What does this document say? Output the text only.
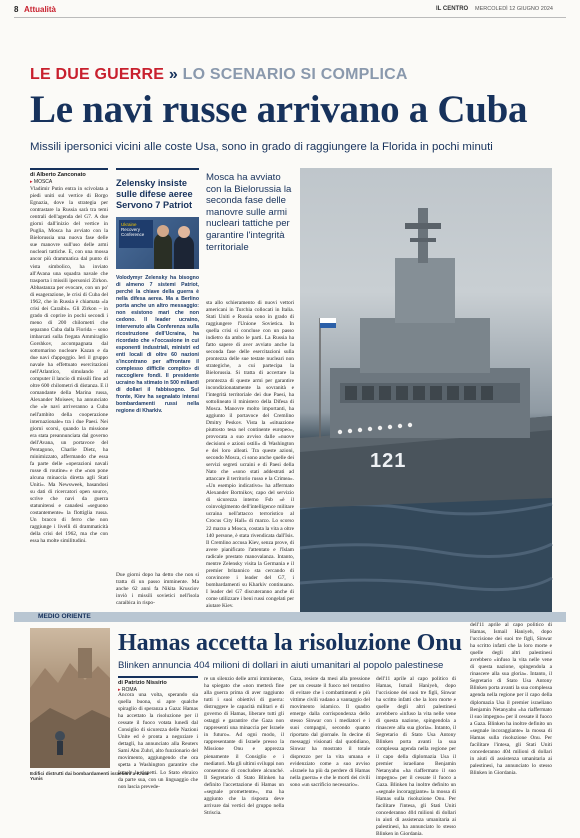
8 Attualità	IL CENTRO MERCOLEDÌ 12 GIUGNO 2024
LE DUE GUERRE » LO SCENARIO SI COMPLICA
Le navi russe arrivano a Cuba
Missili ipersonici vicini alle coste Usa, sono in grado di raggiungere la Florida in pochi minuti
di Alberto Zanconato
▸ MOSCA

Vladimir Putin entra in scivolata a piedi uniti sul vertice di Borgo Egnazia, dove la strategia per contrastare la Russia sarà tra temi centrali dell'agenda del G7. A due giorni dall'inizio del vertice in Puglia, Mosca ha avviato con la Bielorussia una nuova fase delle sue manovre sull'uso delle armi nucleari tattiche. E, con una mossa ancor più drammatica dal punto di vista simbolico, ha inviato all'Avana una squadra navale che trasporta i missili ipersonici Zirkon. Abbastanza per evocare, con un po' di esagerazione, le crisi di Cuba del 1962, che in Russia è chiamata «la crisi dei Caraibi». Gli Zirkon – in grado di coprire in pochi secondi i meno di 200 chilometri che separano Cuba dalla Florida – sono imbarcati sulla fregata Ammiraglio Gorshkov, accompagnata dal sottomarino nucleare Kazan e da due navi d'appoggio. Ieri il gruppo navale ha effettuato esercitazioni nell'Atlantico, simulando al computer il lancio di missili fino ad oltre 600 chilometri di distanza. E il comandante della Marina russa, Alexander Moiseev, ha annunciato che «le navi arriveranno a Cuba nell'ambito della cooperazione internazionale» tra i due Paesi. Nei giorni scorsi, quando la missione era stata preannunciata dal governo dell'Avana, un portavoce del Pentagono, Charlie Dietz, ha minimizzato, affermando che essa fa parte delle «operazioni navali russe di routine» e che «non pone alcuna minaccia diretta agli Stati Uniti». Ma Newsweek, basandosi su dati di ricercatori open source, scrive che navi da guerra statunitensi e canadesi «seguono costantemente» la flottiglia russa. Un bracco di ferro che non raggiunge i livelli di drammaticità della crisi del 1962, ma che con essa ha molte similitudini.

Zelensky insiste sulle difese aeree Servono 7 Patriot
Ukraine
Recovery
Conference
Volodymyr Zelensky ha bisogno di almeno 7 sistemi Patriot, perché la chiave della guerra è nella difesa aerea. Ma a Berlino porta anche un altro messaggio: non esistono mari che non cedono. Il leader ucraino, intervenuto alla Conferenza sulla ricostruzione dell'Ucraina, ha ricordato che «l'occasione in cui esponenti industriali, ministri ed enti locali di oltre 60 nazioni s'incontrano per affrontare il complesso difficile compito» di raccogliere fondi. Il presidente ucraino ha stimato in 500 miliardi di dollari il fabbisogno. Sul fronte, Kiev ha segnalato intensi bombardamenti russi nella regione di Kharkiv.
Mosca ha avviato con la Bielorussia la seconda fase delle manovre sulle armi nucleari tattiche per garantire l'integrità territoriale

Due giorni dopo ha detto che non si tratta di un passo imminente. Ma anche 62 anni fa Nikita Krusciov inviò i missili sovietici nell'isola caraibica in rispo-

sta allo schieramento di nuovi vettori americani in Turchia collocati in Italia. Stati Uniti e Russia sono in grado di raggiungere l'Unione Sovietica. In quella crisi si concluse con un passo indietro da ambo le parti. La Russia ha fatto sapere di aver avviato anche la seconda fase delle esercitazioni sulla prontezza delle sue testate nucleari non strategiche, a cui partecipa la Bielorussia. Si tratta di accertare la prontezza di queste armi per garantire incondizionatamente la sovranità e l'integrità territoriale dei due Paesi, ha sottolineato il ministero della Difesa di Mosca. Manovre molto importanti, ha aggiunto il portavoce del Cremlino Dmitry Peskov. Vista la «situazione piuttosto tesa nel continente europeo», provocata a suo avviso dalle «nuove decisioni e azioni ostili» di Washington e dei loro alleati. Tra queste azioni, secondo Mosca, ci sono anche quelle dei servizi segreti ucraini e di Paesi della Nato che «sono stati addestrati ad attaccare il territorio russo e la Crimea». «Un esempio indicativo» ha affermato Alexander Bortnikov, capo del servizio di sicurezza interno Fsb «è il coinvolgimento dell'intelligence militare ucraina nell'attacco terroristico al Crocus City Hall» di marzo. Lo scorso 22 marzo a Mosca, costata la vita a oltre 140 persone, è stata rivendicata dall'Isis. Il Cremlino accusa Kiev, senza prove, di avere pianificato l'attentato e l'Islam radicale prestato manovalanza. Intanto, mentre Zelensky visita la Germania e il premier britannico sta cercando di convincere i leader del G7, i bombardamenti su Kharkiv continuano. I leader del G7 discuteranno anche di come utilizzare i beni russi congelati per aiutare Kiev.

121
MEDIO ORIENTE
Edifici distrutti dai bombardamenti israeliani a Khan Yunis
Hamas accetta la risoluzione Onu
Blinken annuncia 404 milioni di dollari in aiuti umanitari al popolo palestinese
di Patrizio Nissirio
▸ ROMA

Ancora una volta, sperando sia quella buona, si apre qualche spiraglio di speranza a Gaza: Hamas ha accettato la risoluzione per il cessate il fuoco votata lunedì dal Consiglio di sicurezza delle Nazioni Unite ed è pronta a negoziare i dettagli, ha annunciato alla Reuters Sami Abu Zuhri, alto funzionario del movimento, aggiungendo che ora spetta a Washington garantire che Israele la rispetti. Lo Stato ebraico da parte sua, con un linguaggio che non lascia prevede-

re un silenzio delle armi imminente, ha spiegato che «non metterà fine alla guerra prima di aver raggiunto tutti i suoi obiettivi di guerra: distruggere le capacità militari e di governo di Hamas, liberare tutti gli ostaggi e garantire che Gaza non rappresenti una minaccia per Israele in futuro». Ad ogni modo, il rappresentante di Israele presso la Missione Onu e apprezza pienamente il Consiglio e i mediatori. Ma gli ultimi sviluppi non consentono di concludere alcunché. Il Segretario di Stato Blinken ha definito l'accettazione di Hamas un «segnale promettente», ma ha aggiunto che la risposta deve arrivare dai vertici del gruppo nella Striscia.

Gaza, resiste da mesi alla pressione per un cessate il fuoco nel tentativo di evitare che i combattimenti e più vittime civili vadano a vantaggio del movimento islamico. Il quadro emerge dalla corrispondenza dello stesso Sinwar con i mediatori e i suoi compagni, secondo quanto riportato dal giornale. In decine di messaggi visionati dal quotidiano, Sinwar ha mostrato il totale disprezzo per la vita umana e evidenziato come a suo avviso «Israele ha più da perdere di Hamas nella guerra» e che le morti dei civili sono «un sacrificio necessario».

dell'11 aprile al capo politico di Hamas, Ismail Haniyeh, dopo l'uccisione dei suoi tre figli, Sinwar ha scritto infatti che la loro morte e quelle degli altri palestinesi avrebbero «infuso la vita nelle vene di questa nazione, spingendola a rinascere alla sua gloria». Intanto, il Segretario di Stato Usa Antony Blinken porta avanti la sua complessa agenda nella regione per il capo della diplomazia Usa il premier israeliano Benjamin Netanyahu «ha riaffermato il suo impegno» per il cessate il fuoco a Gaza. Blinken ha inoltre definito un «segnale incoraggiante» la mossa di Hamas sulla risoluzione Onu. Per facilitare l'intesa, gli Stati Uniti concederanno 404 milioni di dollari in aiuti di assistenza umanitaria ai palestinesi, ha annunciato lo stesso Blinken in Giordania.

dell'11 aprile al capo politico di Hamas, Ismail Haniyeh, dopo l'uccisione dei suoi tre figli, Sinwar ha scritto infatti che la loro morte e quelle degli altri palestinesi avrebbero «infuso la vita nelle vene di questa nazione, spingendola a rinascere alla sua gloria». Intanto, il Segretario di Stato Usa Antony Blinken porta avanti la sua complessa agenda nella regione per il capo della diplomazia Usa il premier israeliano Benjamin Netanyahu «ha riaffermato il suo impegno» per il cessate il fuoco a Gaza. Blinken ha inoltre definito un «segnale incoraggiante» la mossa di Hamas sulla risoluzione Onu. Per facilitare l'intesa, gli Stati Uniti concederanno 404 milioni di dollari in aiuti di assistenza umanitaria ai palestinesi, ha annunciato lo stesso Blinken in Giordania.
